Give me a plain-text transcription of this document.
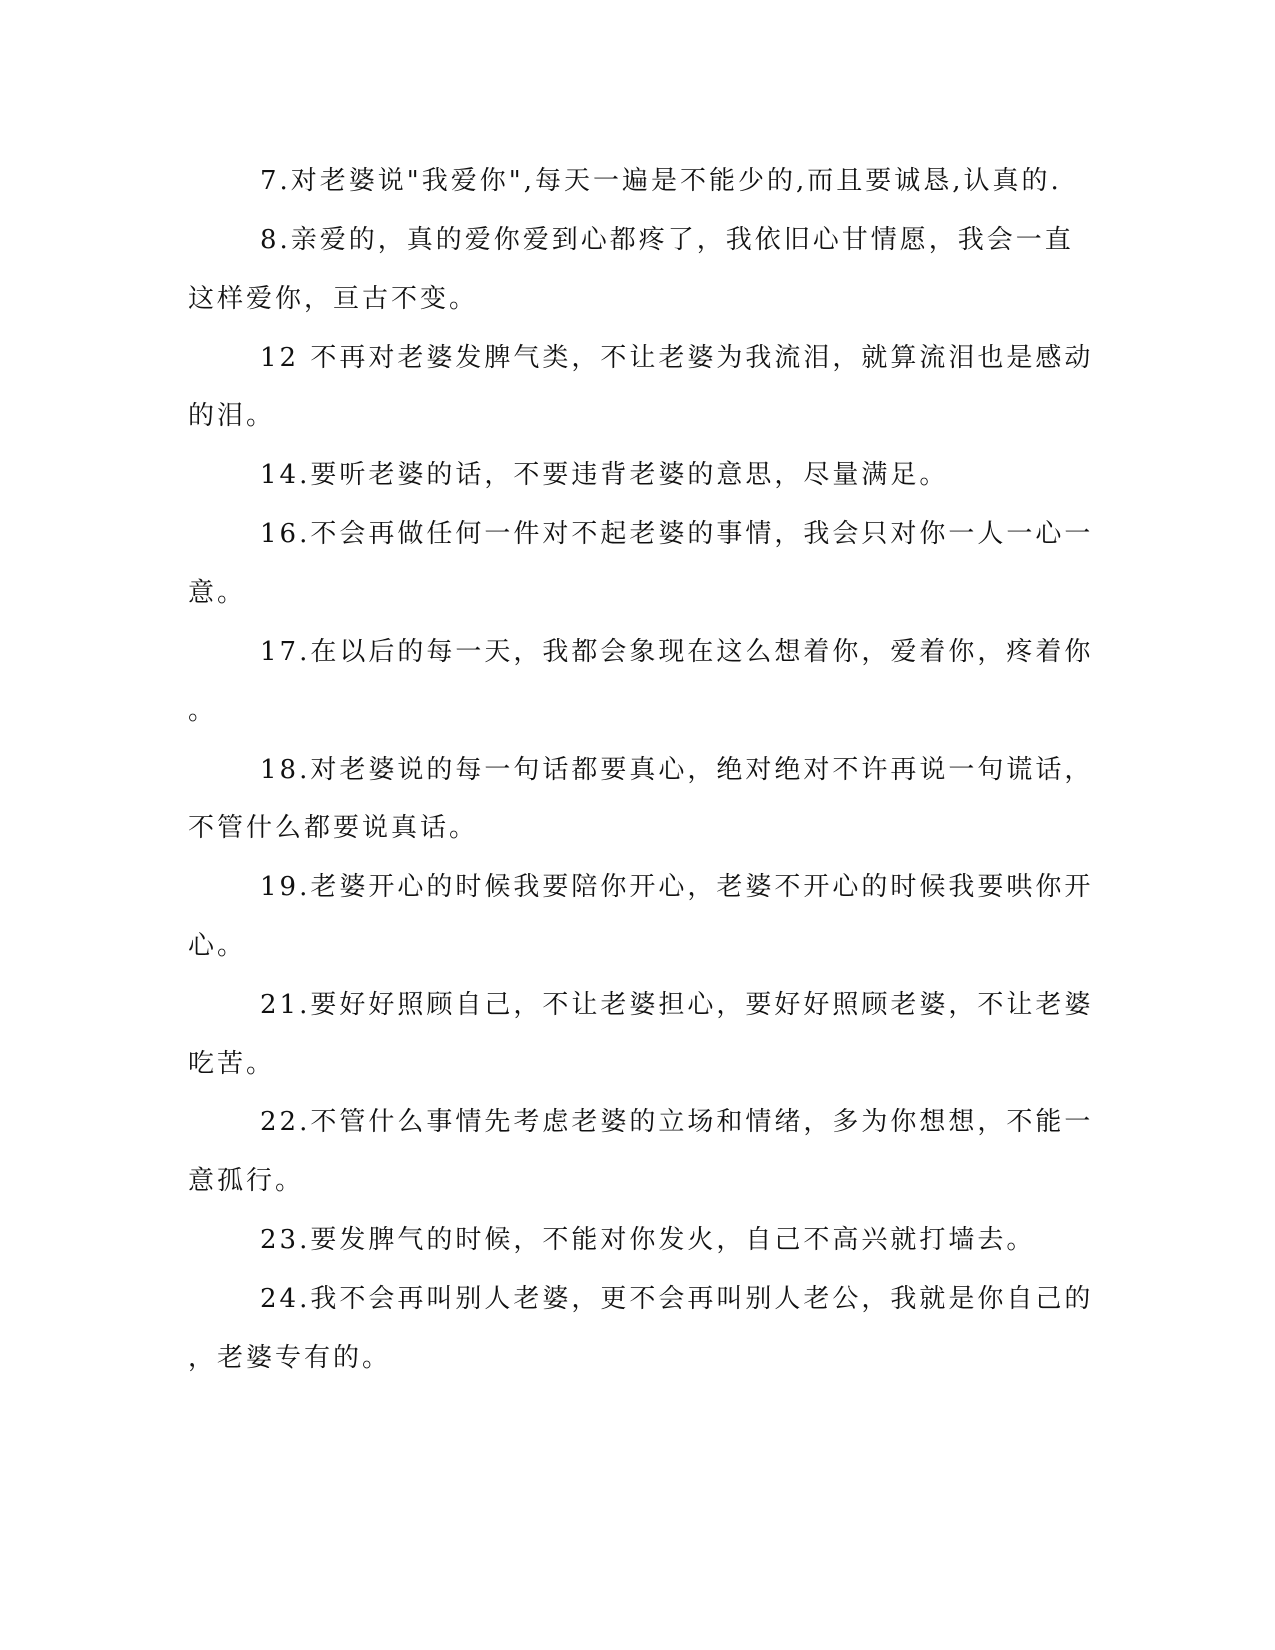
7.对老婆说"我爱你",每天一遍是不能少的,而且要诚恳,认真的.
8.亲爱的，真的爱你爱到心都疼了，我依旧心甘情愿，我会一直
这样爱你，亘古不变。
12 不再对老婆发脾气类，不让老婆为我流泪，就算流泪也是感动
的泪。
14.要听老婆的话，不要违背老婆的意思，尽量满足。
16.不会再做任何一件对不起老婆的事情，我会只对你一人一心一
意。
17.在以后的每一天，我都会象现在这么想着你，爱着你，疼着你
。
18.对老婆说的每一句话都要真心，绝对绝对不许再说一句谎话，
不管什么都要说真话。
19.老婆开心的时候我要陪你开心，老婆不开心的时候我要哄你开
心。
21.要好好照顾自己，不让老婆担心，要好好照顾老婆，不让老婆
吃苦。
22.不管什么事情先考虑老婆的立场和情绪，多为你想想，不能一
意孤行。
23.要发脾气的时候，不能对你发火，自己不高兴就打墙去。
24.我不会再叫别人老婆，更不会再叫别人老公，我就是你自己的
，老婆专有的。
